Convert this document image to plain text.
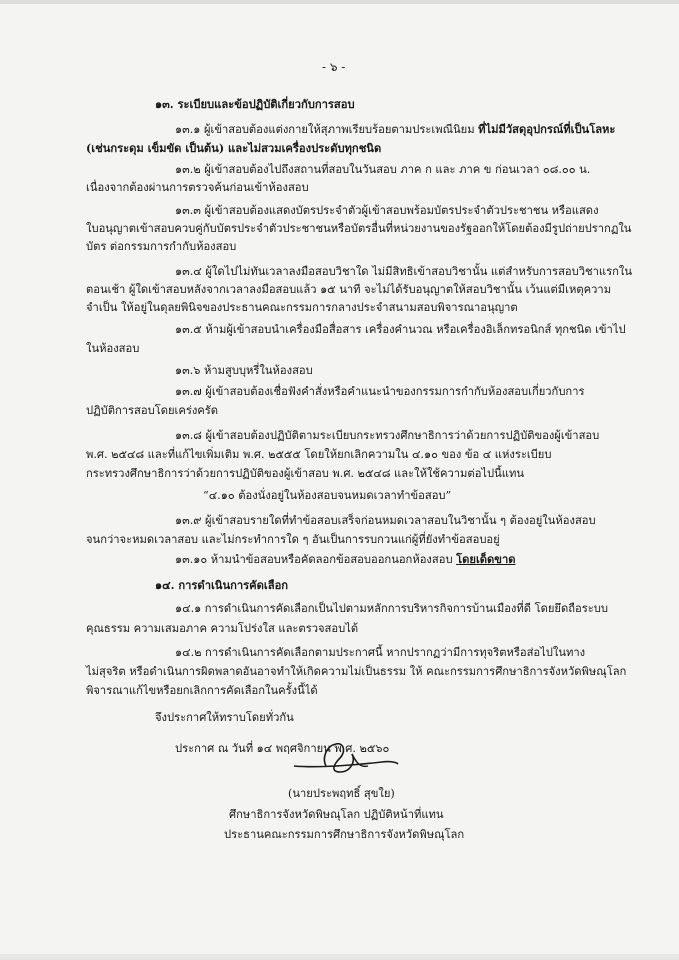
- ๖ -
๑๓. ระเบียบและข้อปฏิบัติเกี่ยวกับการสอบ
๑๓.๑ ผู้เข้าสอบต้องแต่งกายให้สุภาพเรียบร้อยตามประเพณีนิยม ที่ไม่มีวัสดุอุปกรณ์ที่เป็นโลหะ
(เช่นกระดุม เข็มขัด เป็นต้น) และไม่สวมเครื่องประดับทุกชนิด
๑๓.๒ ผู้เข้าสอบต้องไปถึงสถานที่สอบในวันสอบ ภาค ก และ ภาค ข ก่อนเวลา ๐๘.๐๐ น.
เนื่องจากต้องผ่านการตรวจค้นก่อนเข้าห้องสอบ
๑๓.๓ ผู้เข้าสอบต้องแสดงบัตรประจำตัวผู้เข้าสอบพร้อมบัตรประจำตัวประชาชน หรือแสดง
ใบอนุญาตเข้าสอบควบคู่กับบัตรประจำตัวประชาชนหรือบัตรอื่นที่หน่วยงานของรัฐออกให้โดยต้องมีรูปถ่ายปรากฏใน
บัตร ต่อกรรมการกำกับห้องสอบ
๑๓.๔ ผู้ใดไปไม่ทันเวลาลงมือสอบวิชาใด ไม่มีสิทธิเข้าสอบวิชานั้น แต่สำหรับการสอบวิชาแรกใน
ตอนเช้า ผู้ใดเข้าสอบหลังจากเวลาลงมือสอบแล้ว ๑๕ นาที จะไม่ได้รับอนุญาตให้สอบวิชานั้น เว้นแต่มีเหตุความ
จำเป็น ให้อยู่ในดุลยพินิจของประธานคณะกรรมการกลางประจำสนามสอบพิจารณาอนุญาต
๑๓.๕ ห้ามผู้เข้าสอบนำเครื่องมือสื่อสาร เครื่องคำนวณ หรือเครื่องอิเล็กทรอนิกส์ ทุกชนิด เข้าไป
ในห้องสอบ
๑๓.๖ ห้ามสูบบุหรี่ในห้องสอบ
๑๓.๗ ผู้เข้าสอบต้องเชื่อฟังคำสั่งหรือคำแนะนำของกรรมการกำกับห้องสอบเกี่ยวกับการ
ปฏิบัติการสอบโดยเคร่งครัด
๑๓.๘ ผู้เข้าสอบต้องปฏิบัติตามระเบียบกระทรวงศึกษาธิการว่าด้วยการปฏิบัติของผู้เข้าสอบ
พ.ศ. ๒๕๔๘ และที่แก้ไขเพิ่มเติม พ.ศ. ๒๕๕๕ โดยให้ยกเลิกความใน ๔.๑๐ ของ ข้อ ๔ แห่งระเบียบ
กระทรวงศึกษาธิการว่าด้วยการปฏิบัติของผู้เข้าสอบ พ.ศ. ๒๕๔๘ และให้ใช้ความต่อไปนี้แทน
“๔.๑๐ ต้องนั่งอยู่ในห้องสอบจนหมดเวลาทำข้อสอบ”
๑๓.๙ ผู้เข้าสอบรายใดที่ทำข้อสอบเสร็จก่อนหมดเวลาสอบในวิชานั้น ๆ ต้องอยู่ในห้องสอบ
จนกว่าจะหมดเวลาสอบ และไม่กระทำการใด ๆ อันเป็นการรบกวนแก่ผู้ที่ยังทำข้อสอบอยู่
๑๓.๑๐ ห้ามนำข้อสอบหรือคัดลอกข้อสอบออกนอกห้องสอบ โดยเด็ดขาด
๑๔. การดำเนินการคัดเลือก
๑๔.๑ การดำเนินการคัดเลือกเป็นไปตามหลักการบริหารกิจการบ้านเมืองที่ดี โดยยึดถือระบบ
คุณธรรม ความเสมอภาค ความโปร่งใส และตรวจสอบได้
๑๔.๒ การดำเนินการคัดเลือกตามประกาศนี้ หากปรากฏว่ามีการทุจริตหรือส่อไปในทาง
ไม่สุจริต หรือดำเนินการผิดพลาดอันอาจทำให้เกิดความไม่เป็นธรรม ให้ คณะกรรมการศึกษาธิการจังหวัดพิษณุโลก
พิจารณาแก้ไขหรือยกเลิกการคัดเลือกในครั้งนี้ได้
จึงประกาศให้ทราบโดยทั่วกัน
ประกาศ ณ วันที่ ๑๔ พฤศจิกายน พ.ศ. ๒๕๖๐
(นายประพฤทธิ์ สุขใย)
ศึกษาธิการจังหวัดพิษณุโลก ปฏิบัติหน้าที่แทน
ประธานคณะกรรมการศึกษาธิการจังหวัดพิษณุโลก
